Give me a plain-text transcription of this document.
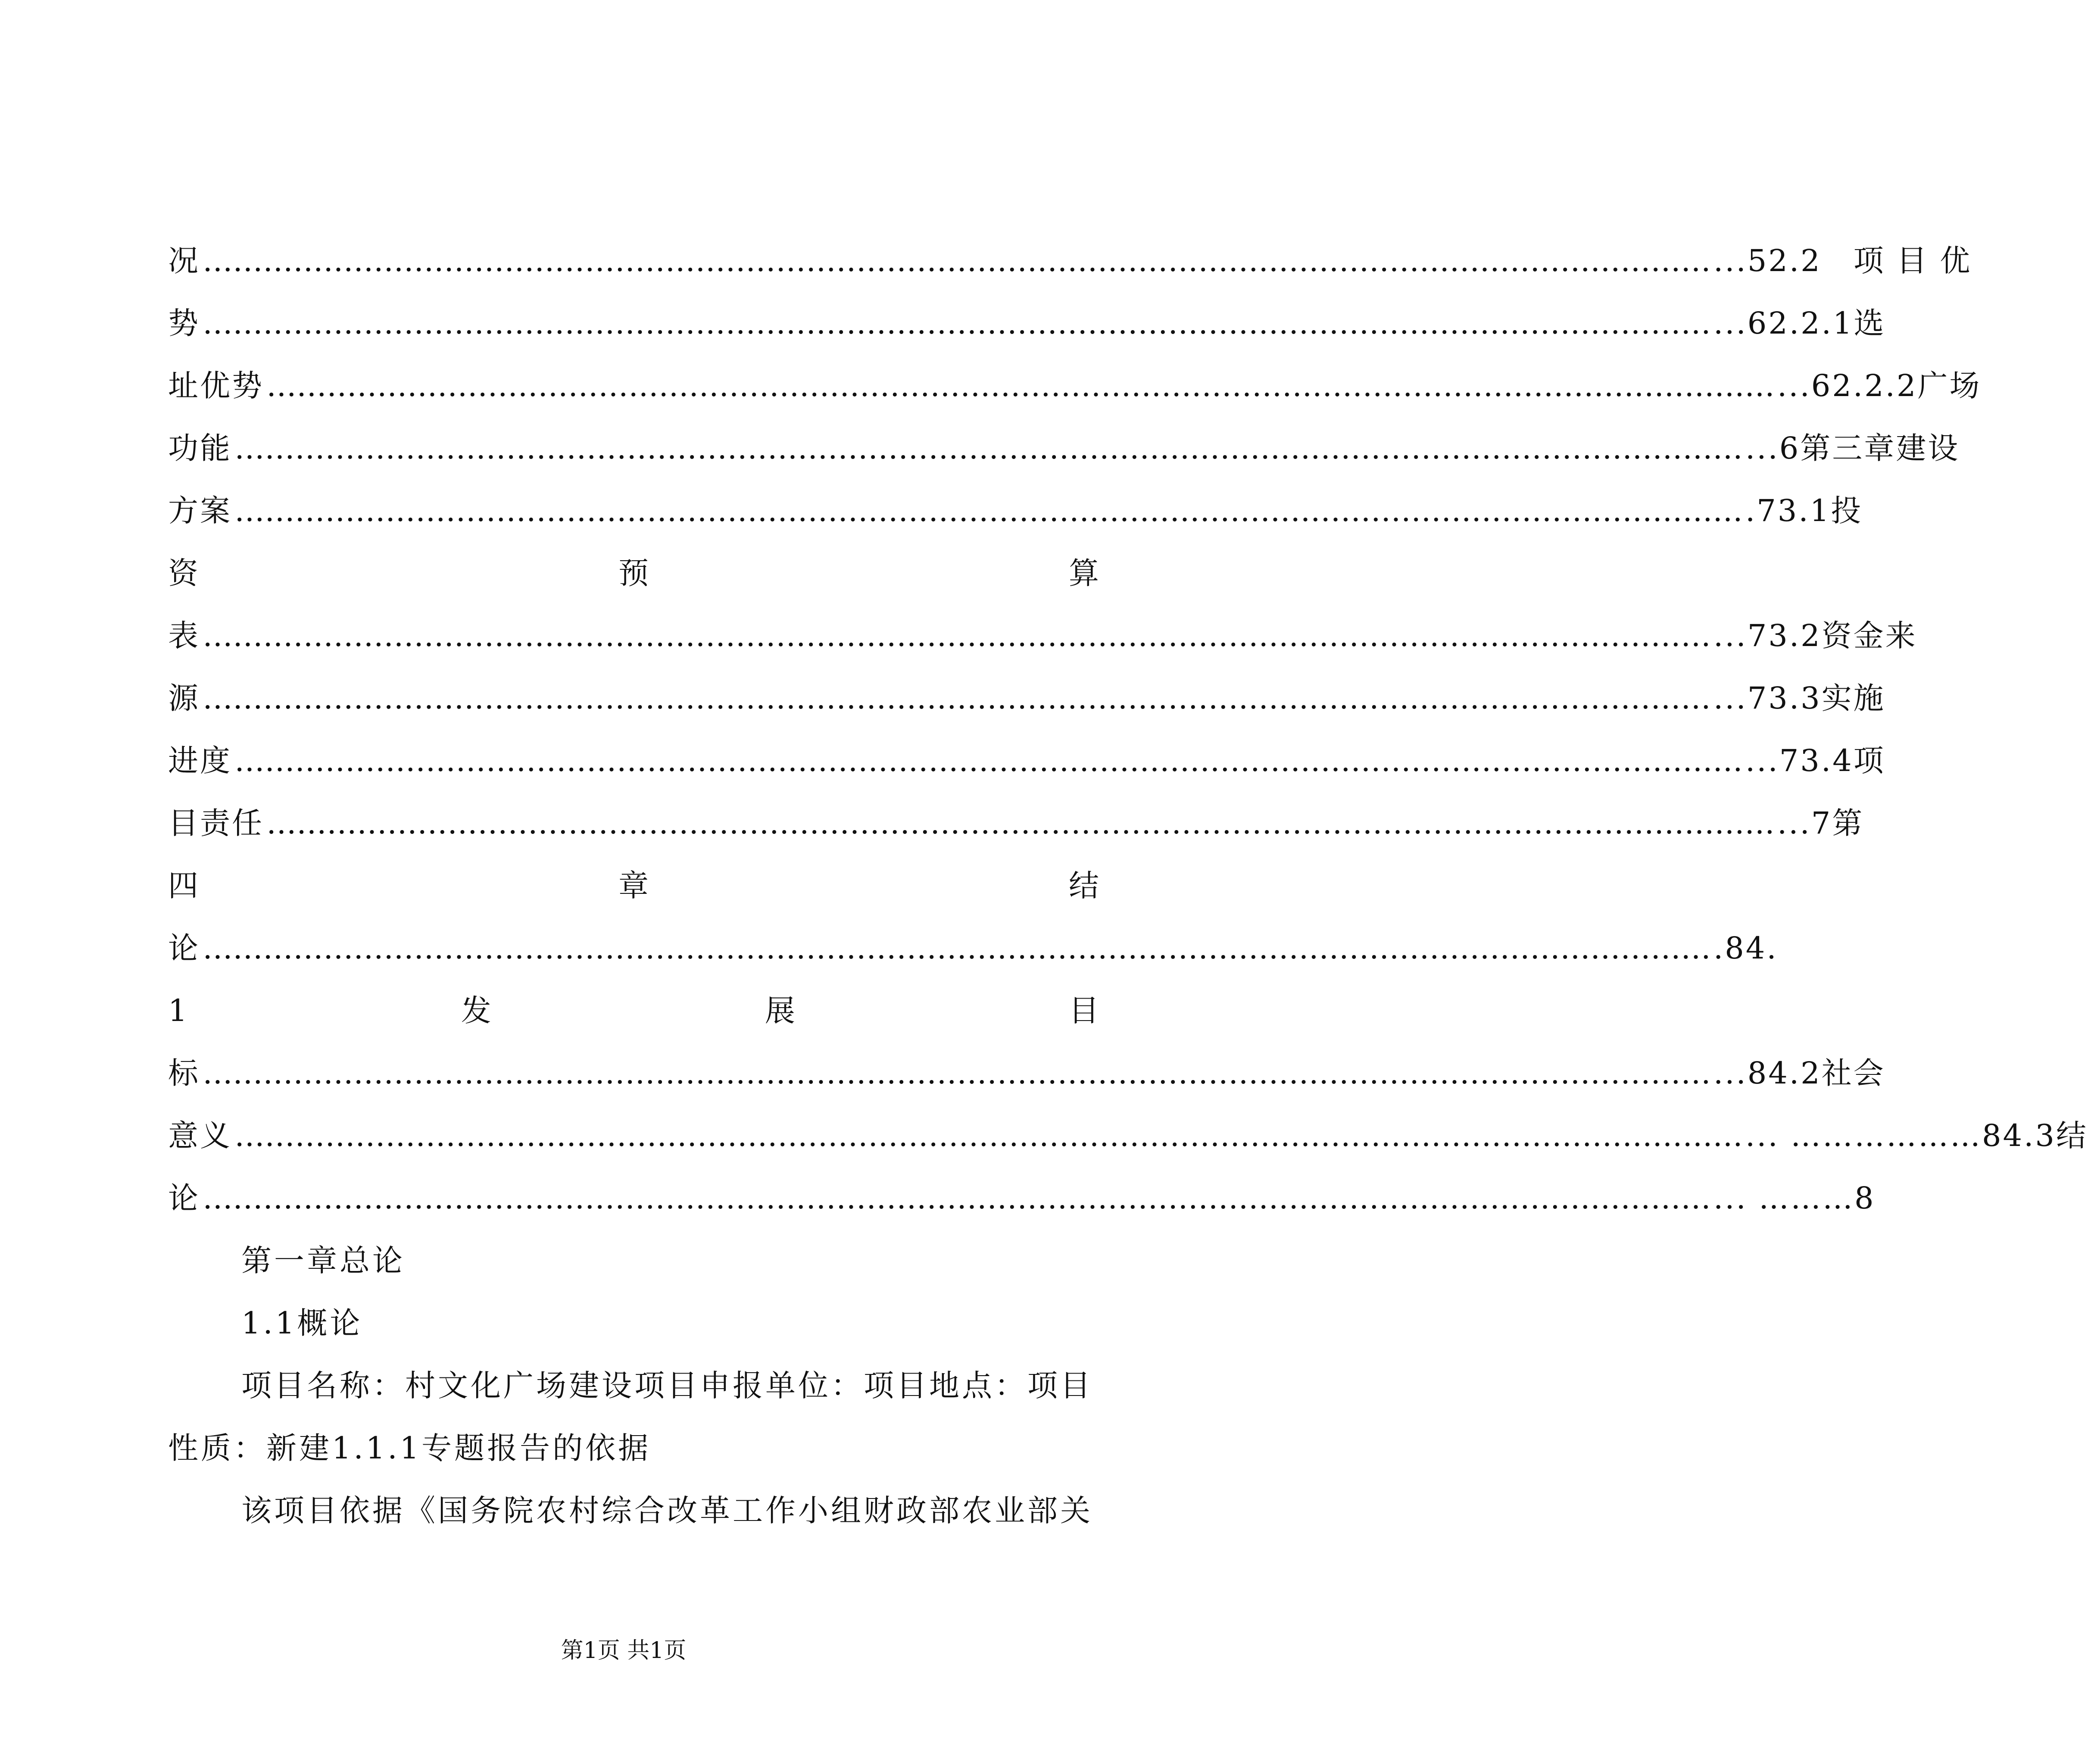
况 …………………………………………………………………………………………………………………………………… ...52.2　项 目 优
势 …………………………………………………………………………………………………………………………………… ...62.2.1选
址优势 …………………………………………………………………………………………………………………………………… ...62.2.2广场
功能 …………………………………………………………………………………………………………………………………… ...6第三章建设
方案 …………………………………………………………………………………………………………………………………… .73.1投
资	预	算
表 …………………………………………………………………………………………………………………………………… ...73.2资金来
源 …………………………………………………………………………………………………………………………………… ...73.3实施
进度 …………………………………………………………………………………………………………………………………… ...73.4项
目责任 …………………………………………………………………………………………………………………………………… ...7第
四	章	结
论 …………………………………………………………………………………………………………………………………… .84.
1	发	展	目
标 …………………………………………………………………………………………………………………………………… ...84.2社会
意义 …………………………………………………………………………………………………………………………………… ... ………………84.3结
论 …………………………………………………………………………………………………………………………………… ... ………8
第一章总论
1.1概论
项目名称：村文化广场建设项目申报单位：项目地点：项目
性质：新建1.1.1专题报告的依据
该项目依据《国务院农村综合改革工作小组财政部农业部关
第1页 共1页
